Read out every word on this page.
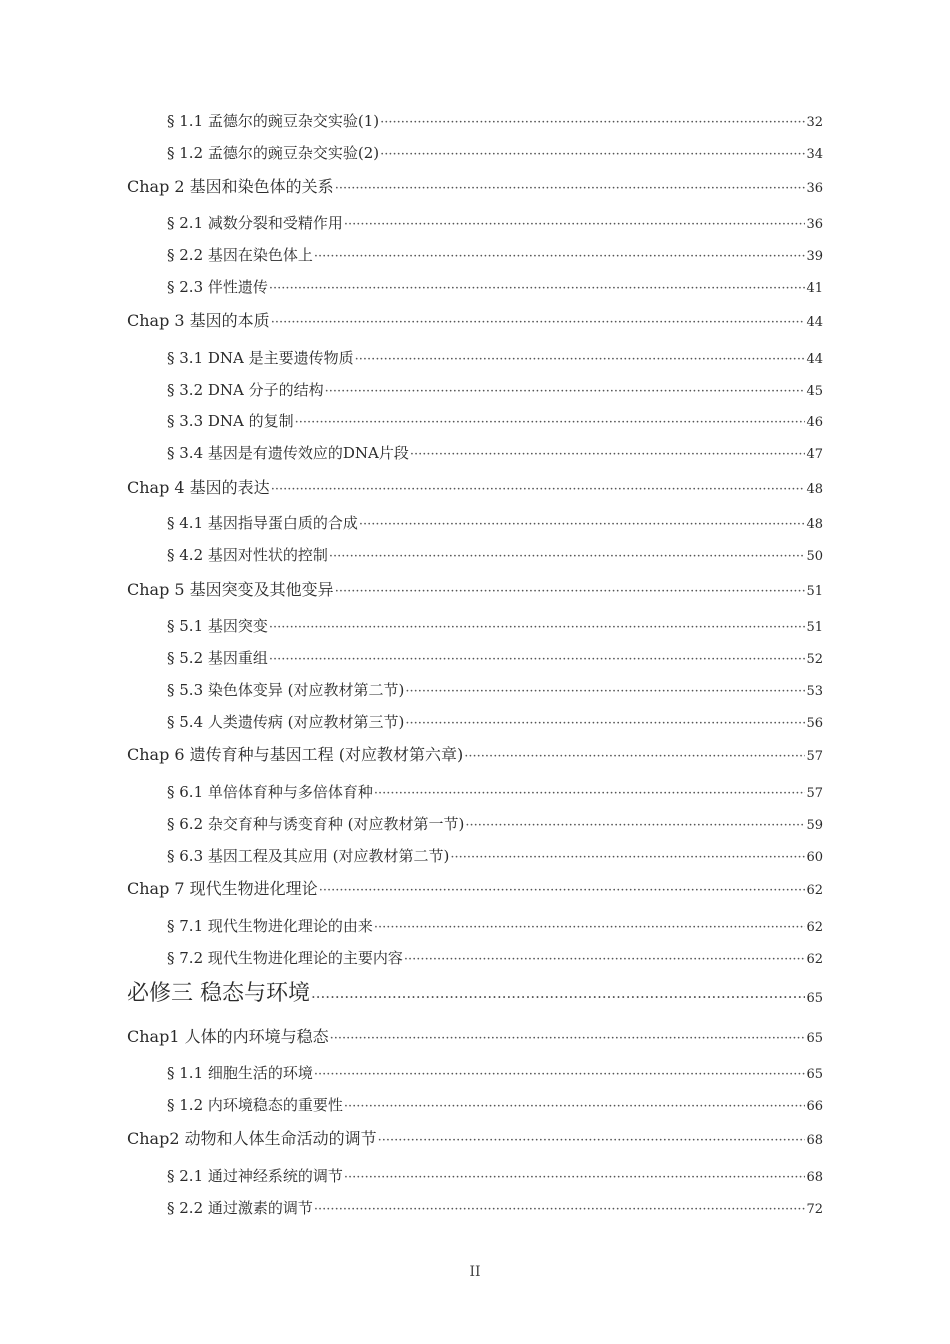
§ 1.1 孟德尔的豌豆杂交实验(1) ·····	32
§ 1.2 孟德尔的豌豆杂交实验(2) ·····	34
Chap 2 基因和染色体的关系 ·····	36
§ 2.1 减数分裂和受精作用 ·····	36
§ 2.2 基因在染色体上 ·····	39
§ 2.3 伴性遗传 ·····	41
Chap 3 基因的本质 ·····	44
§ 3.1 DNA 是主要遗传物质 ·····	44
§ 3.2 DNA 分子的结构 ·····	45
§ 3.3 DNA 的复制 ·····	46
§ 3.4 基因是有遗传效应的DNA片段 ·····	47
Chap 4 基因的表达 ·····	48
§ 4.1 基因指导蛋白质的合成 ·····	48
§ 4.2 基因对性状的控制 ·····	50
Chap 5 基因突变及其他变异 ·····	51
§ 5.1 基因突变 ·····	51
§ 5.2 基因重组 ·····	52
§ 5.3 染色体变异 (对应教材第二节) ·····	53
§ 5.4 人类遗传病 (对应教材第三节) ·····	56
Chap 6 遗传育种与基因工程 (对应教材第六章) ·····	57
§ 6.1 单倍体育种与多倍体育种 ·····	57
§ 6.2 杂交育种与诱变育种 (对应教材第一节) ·····	59
§ 6.3 基因工程及其应用 (对应教材第二节) ·····	60
Chap 7 现代生物进化理论 ·····	62
§ 7.1 现代生物进化理论的由来 ·····	62
§ 7.2 现代生物进化理论的主要内容 ·····	62
必修三 稳态与环境 ·····	65
Chap1 人体的内环境与稳态 ·····	65
§ 1.1 细胞生活的环境 ·····	65
§ 1.2 内环境稳态的重要性 ·····	66
Chap2 动物和人体生命活动的调节 ·····	68
§ 2.1 通过神经系统的调节 ·····	68
§ 2.2 通过激素的调节 ·····	72
II
